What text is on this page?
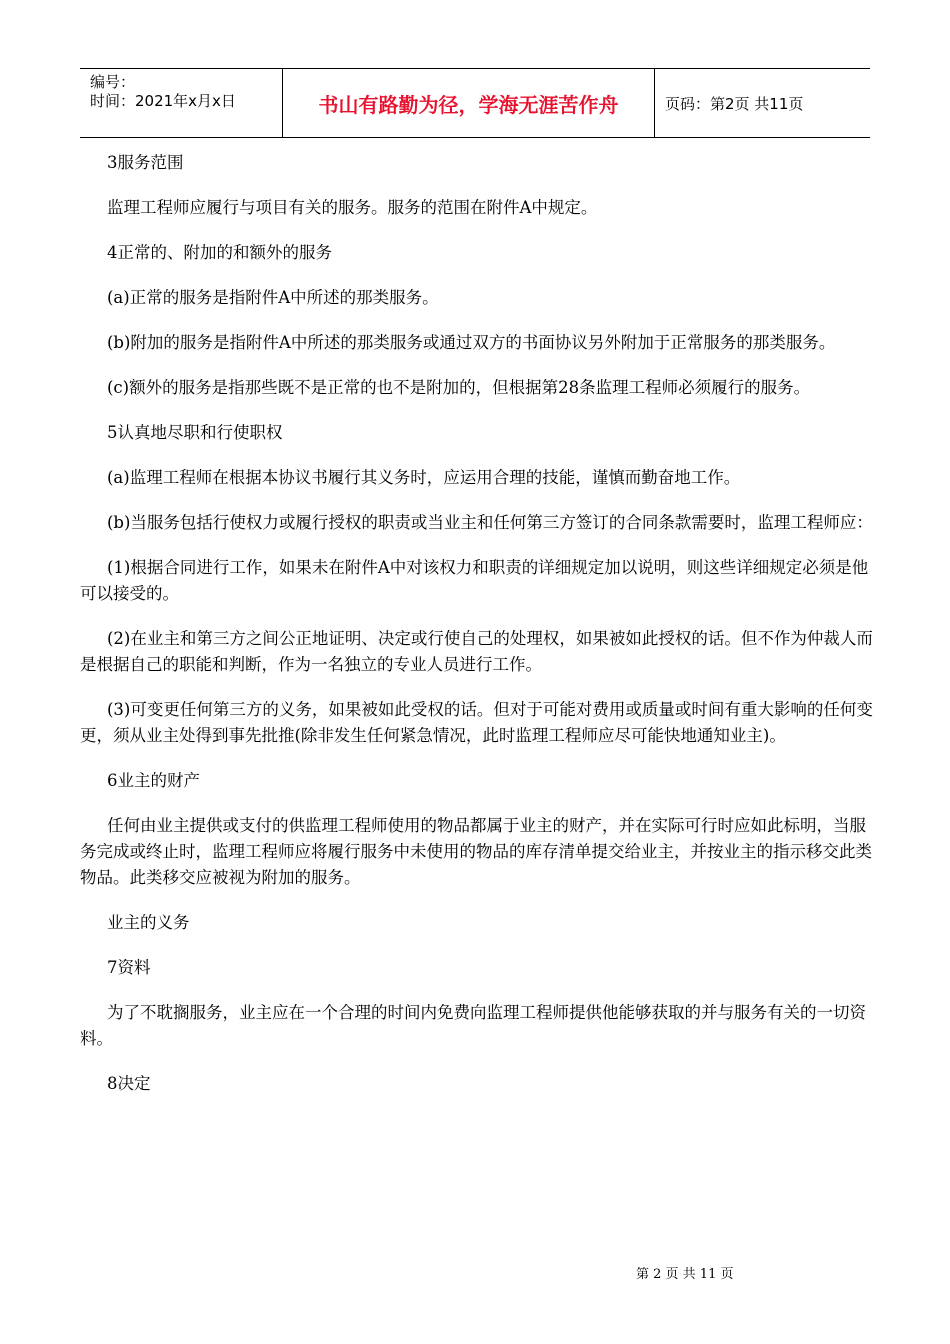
编号：
时间：2021年x月x日	书山有路勤为径，学海无涯苦作舟	页码：第2页 共11页

3服务范围

监理工程师应履行与项目有关的服务。服务的范围在附件A中规定。

4正常的、附加的和额外的服务

(a)正常的服务是指附件A中所述的那类服务。

(b)附加的服务是指附件A中所述的那类服务或通过双方的书面协议另外附加于正常服务的那类服务。

(c)额外的服务是指那些既不是正常的也不是附加的，但根据第28条监理工程师必须履行的服务。

5认真地尽职和行使职权

(a)监理工程师在根据本协议书履行其义务时，应运用合理的技能，谨慎而勤奋地工作。

(b)当服务包括行使权力或履行授权的职责或当业主和任何第三方签订的合同条款需要时，监理工程师应：

(1)根据合同进行工作，如果未在附件A中对该权力和职责的详细规定加以说明，则这些详细规定必须是他可以接受的。

(2)在业主和第三方之间公正地证明、决定或行使自己的处理权，如果被如此授权的话。但不作为仲裁人而是根据自己的职能和判断，作为一名独立的专业人员进行工作。

(3)可变更任何第三方的义务，如果被如此受权的话。但对于可能对费用或质量或时间有重大影响的任何变更，须从业主处得到事先批推(除非发生任何紧急情况，此时监理工程师应尽可能快地通知业主)。

6业主的财产

任何由业主提供或支付的供监理工程师使用的物品都属于业主的财产，并在实际可行时应如此标明，当服务完成或终止时，监理工程师应将履行服务中未使用的物品的库存清单提交给业主，并按业主的指示移交此类物品。此类移交应被视为附加的服务。

业主的义务

7资料

为了不耽搁服务，业主应在一个合理的时间内免费向监理工程师提供他能够获取的并与服务有关的一切资料。

8决定

第 2 页 共 11 页
